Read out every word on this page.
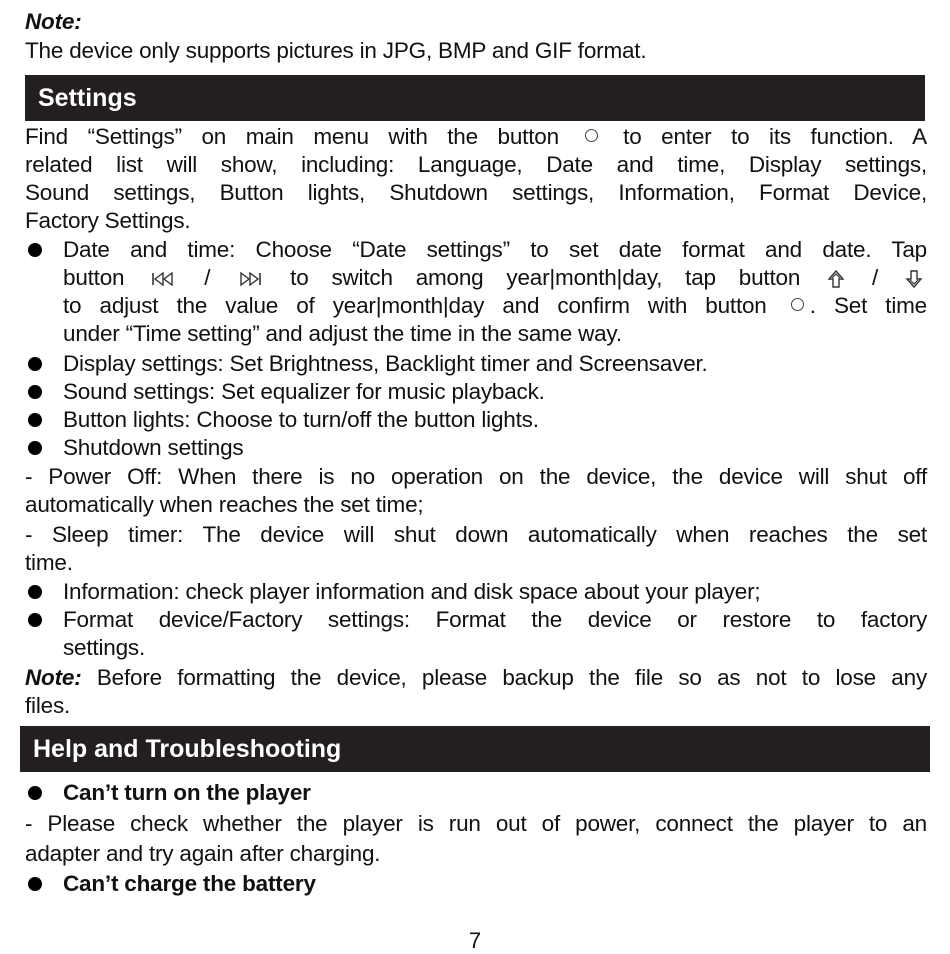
Note:
The device only supports pictures in JPG, BMP and GIF format.
Settings
Find “Settings” on main menu with the button	to enter to its function. A
related list will show, including: Language, Date and time, Display settings,
Sound settings, Button lights, Shutdown settings, Information, Format Device,
Factory Settings.
Date and time: Choose “Date settings” to set date format and date. Tap
button	/	to switch among year|month|day, tap button	/
to adjust the value of year|month|day and confirm with button . Set time
under “Time setting” and adjust the time in the same way.
Display settings: Set Brightness, Backlight timer and Screensaver.
Sound settings: Set equalizer for music playback.
Button lights: Choose to turn/off the button lights.
Shutdown settings
- Power Off: When there is no operation on the device, the device will shut off
automatically when reaches the set time;
- Sleep timer: The device will shut down automatically when reaches the set
time.
Information: check player information and disk space about your player;
Format device/Factory settings: Format the device or restore to factory
settings.
Note: Before formatting the device, please backup the file so as not to lose any
files.
Help and Troubleshooting
Can’t turn on the player
- Please check whether the player is run out of power, connect the player to an
adapter and try again after charging.
Can’t charge the battery
7
